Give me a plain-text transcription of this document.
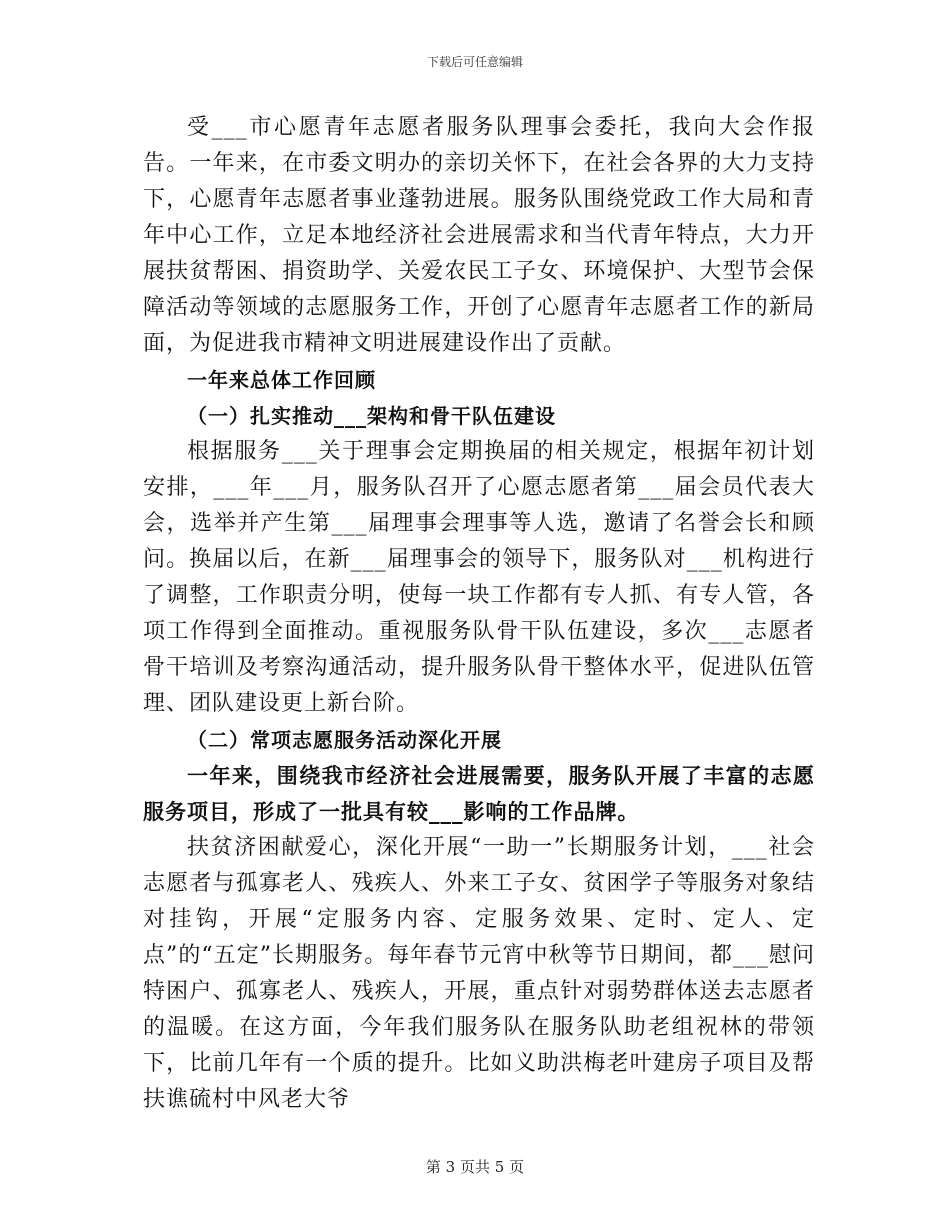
下载后可任意编辑

受___市心愿青年志愿者服务队理事会委托，我向大会作报告。一年来，在市委文明办的亲切关怀下，在社会各界的大力支持下，心愿青年志愿者事业蓬勃进展。服务队围绕党政工作大局和青年中心工作，立足本地经济社会进展需求和当代青年特点，大力开展扶贫帮困、捐资助学、关爱农民工子女、环境保护、大型节会保障活动等领域的志愿服务工作，开创了心愿青年志愿者工作的新局面，为促进我市精神文明进展建设作出了贡献。

一年来总体工作回顾

（一）扎实推动___架构和骨干队伍建设

根据服务___关于理事会定期换届的相关规定，根据年初计划安排，___年___月，服务队召开了心愿志愿者第___届会员代表大会，选举并产生第___届理事会理事等人选，邀请了名誉会长和顾问。换届以后，在新___届理事会的领导下，服务队对___机构进行了调整，工作职责分明，使每一块工作都有专人抓、有专人管，各项工作得到全面推动。重视服务队骨干队伍建设，多次___志愿者骨干培训及考察沟通活动，提升服务队骨干整体水平，促进队伍管理、团队建设更上新台阶。

（二）常项志愿服务活动深化开展

一年来，围绕我市经济社会进展需要，服务队开展了丰富的志愿服务项目，形成了一批具有较___影响的工作品牌。

扶贫济困献爱心，深化开展“一助一”长期服务计划，___社会志愿者与孤寡老人、残疾人、外来工子女、贫困学子等服务对象结对挂钩，开展“定服务内容、定服务效果、定时、定人、定点”的“五定”长期服务。每年春节元宵中秋等节日期间，都___慰问特困户、孤寡老人、残疾人，开展，重点针对弱势群体送去志愿者的温暖。在这方面，今年我们服务队在服务队助老组祝林的带领下，比前几年有一个质的提升。比如义助洪梅老叶建房子项目及帮扶谯硫村中风老大爷

第 3 页共 5 页
